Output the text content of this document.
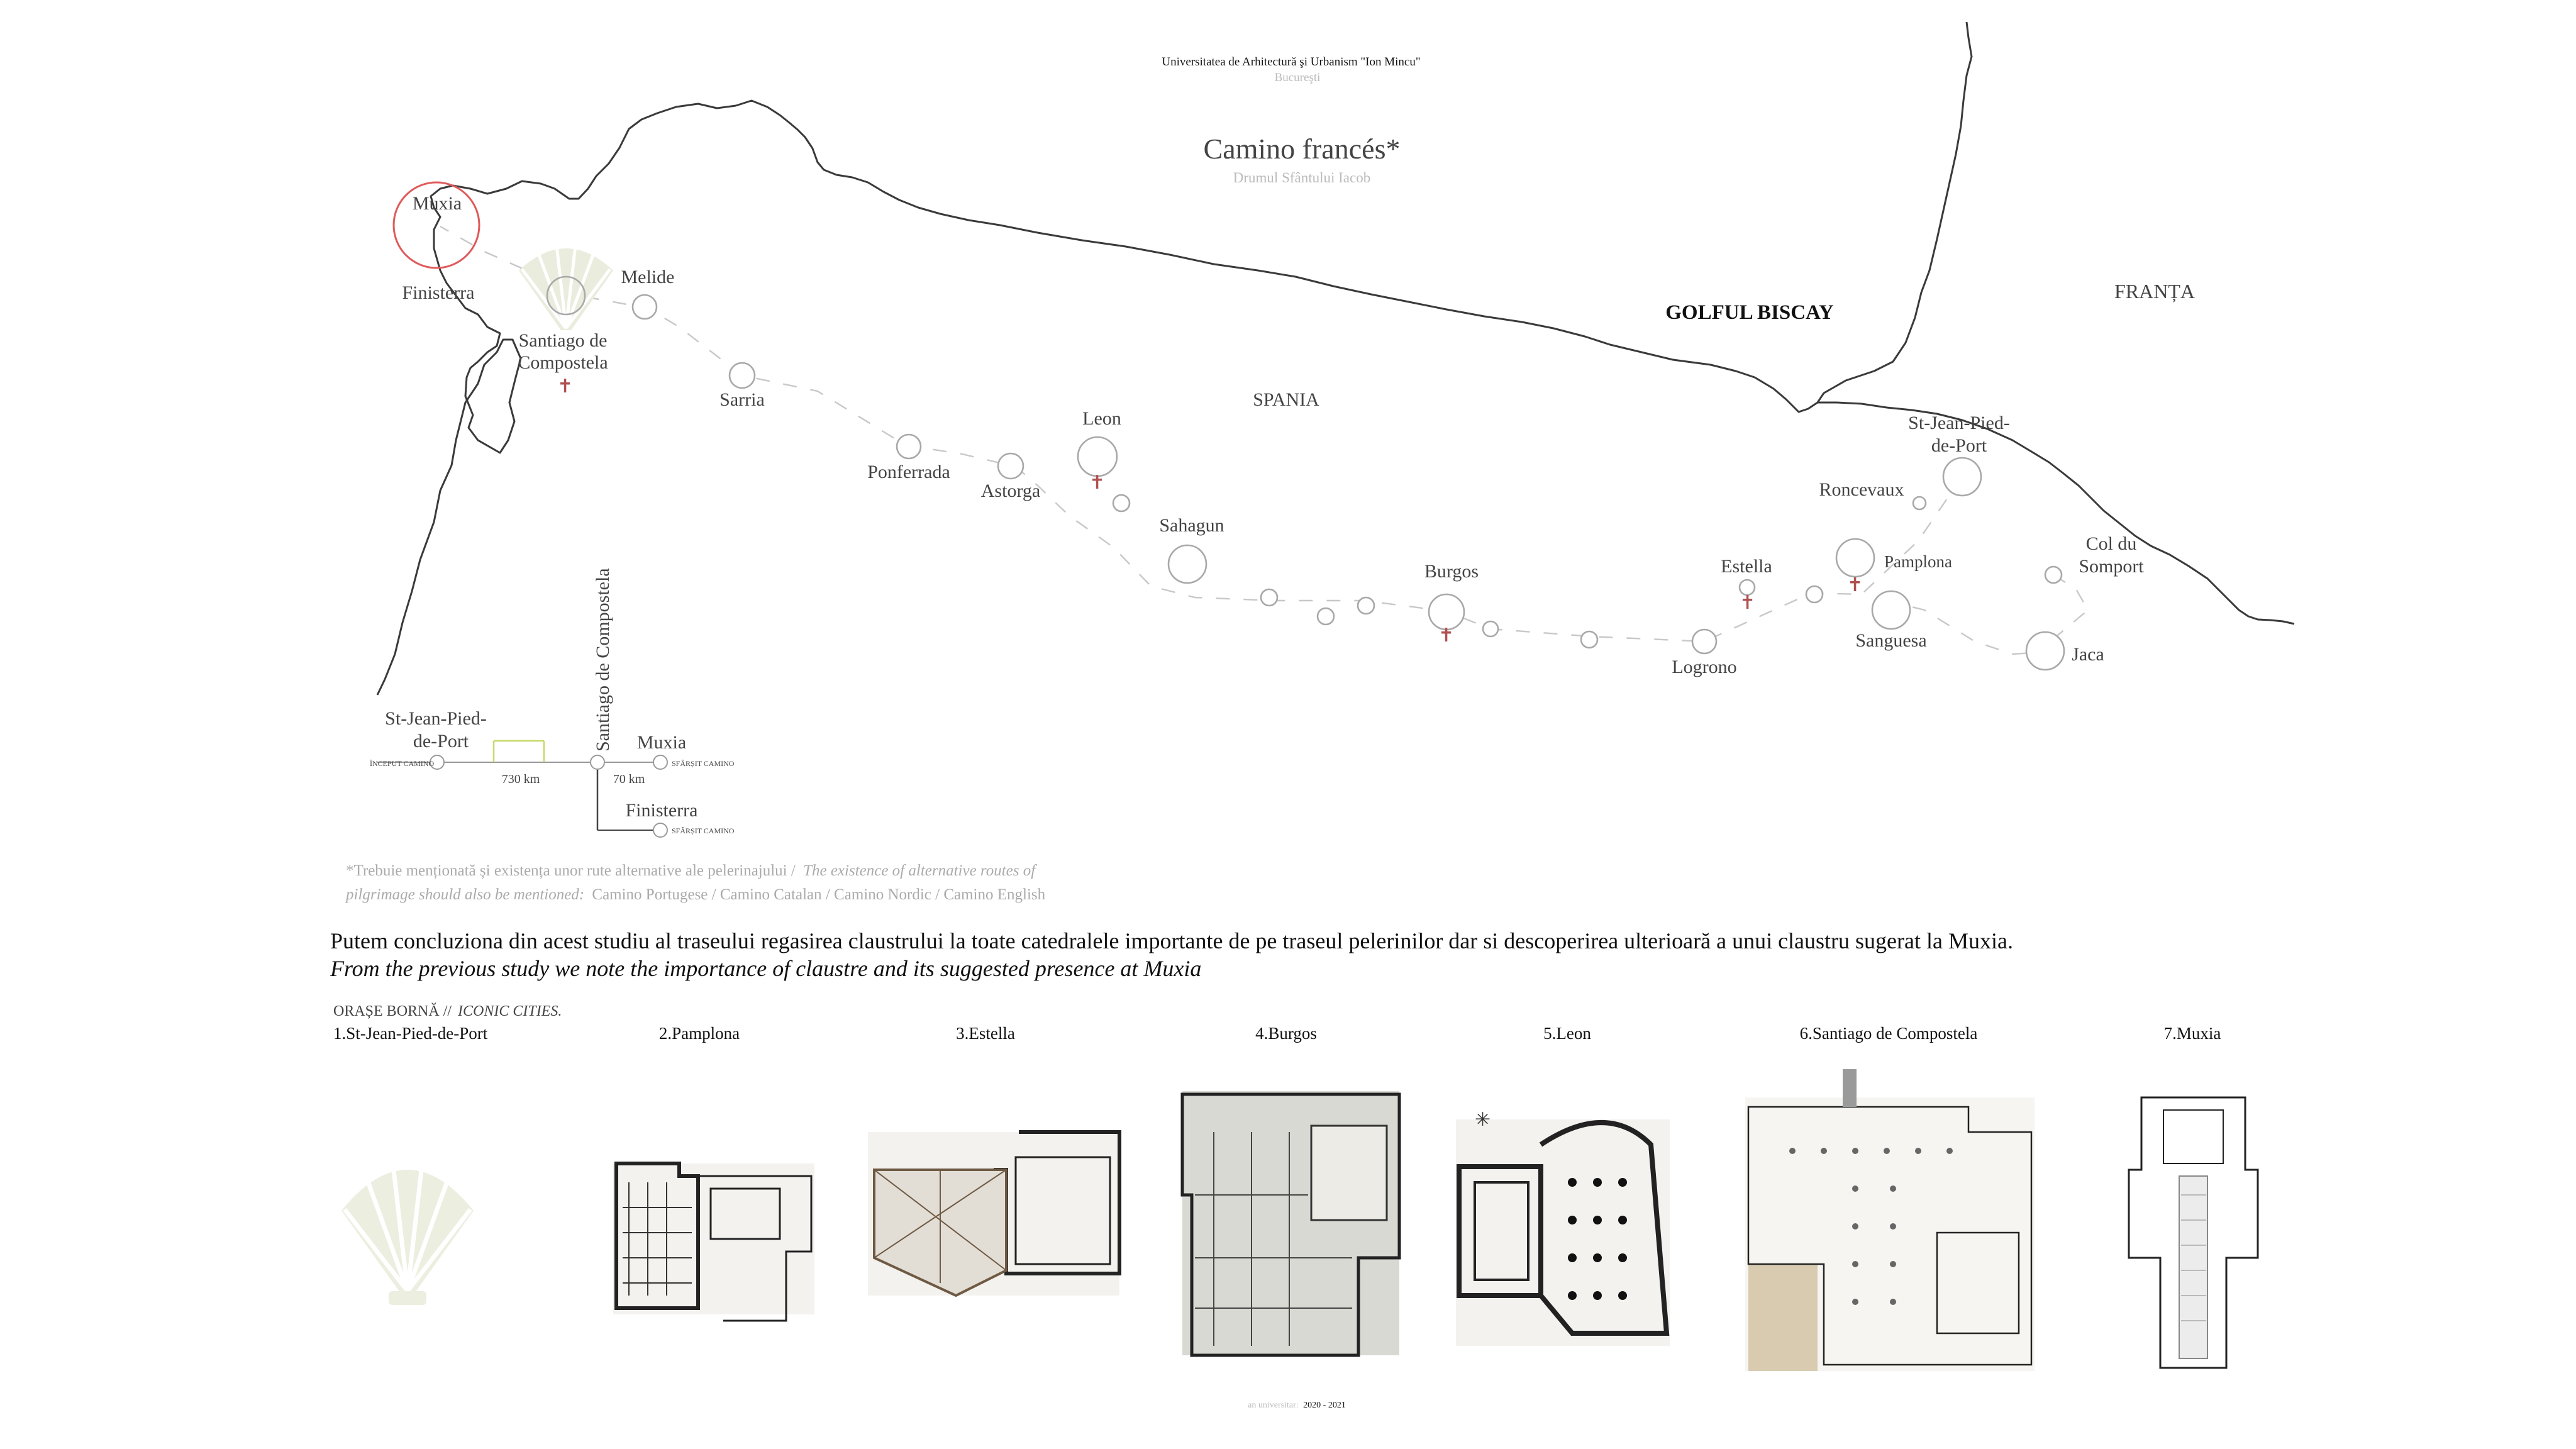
Universitatea de Arhitectură şi Urbanism "Ion Mincu"
Bucureşti
Camino francés*
Drumul Sfântului Iacob
GOLFUL BISCAY
SPANIA
FRANȚA
✝
✝
✝
✝
✝
Muxia
Finisterra
Melide
Santiago de
Compostela
Sarria
Ponferrada
Astorga
Leon
Sahagun
Burgos	Estella
Logrono
Pamplona
Sanguesa
Jaca
Roncevaux
St-Jean-Pied-
de-Port
Col du
Somport
St-Jean-Pied-
de-Port
ÎNCEPUT CAMINO
Santiago de Compostela Muxia
SFÂRȘIT CAMINO
Finisterra
SFÂRȘIT CAMINO
730 km	70 km
*Trebuie menționată și existența unor rute alternative ale pelerinajului / The existence of alternative routes of
pilgrimage should also be mentioned: Camino Portugese / Camino Catalan / Camino Nordic / Camino English
Putem concluziona din acest studiu al traseului regasirea claustrului la toate catedralele importante de pe traseul pelerinilor dar si descoperirea ulterioară a unui claustru sugerat la Muxia.
From the previous study we note the importance of claustre and its suggested presence at Muxia
ORAȘE BORNĂ // ICONIC CITIES.
1.St-Jean-Pied-de-Port	2.Pamplona	3.Estella	4.Burgos	5.Leon	6.Santiago de Compostela	7.Muxia
✳
an universitar: 2020 - 2021
